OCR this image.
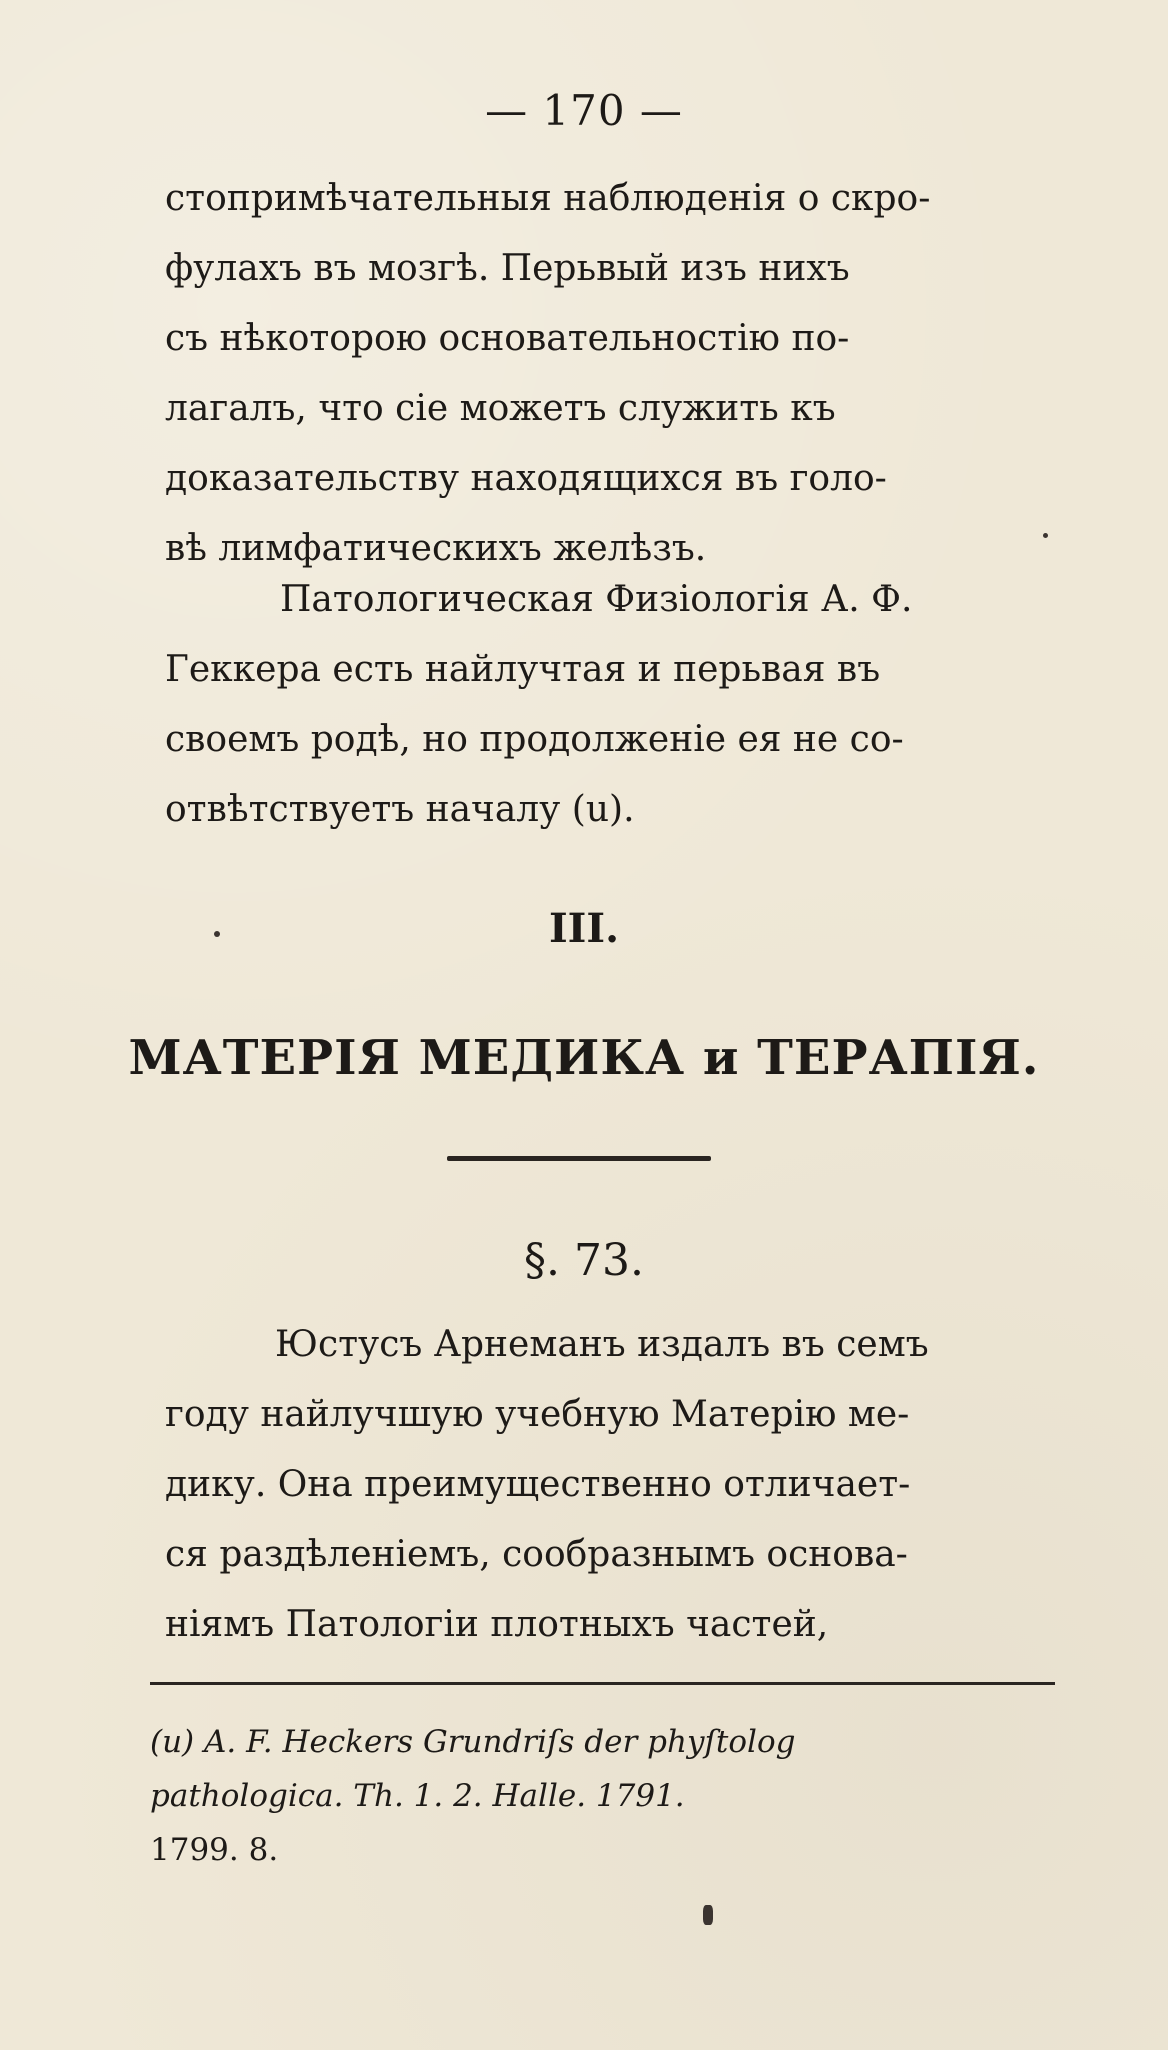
— 170 —
стопримѣчательныя наблюденія о скро-
фулахъ въ мозгѣ. Перьвый изъ нихъ
съ нѣкоторою основательностію по-
лагалъ, что сіе можетъ служить къ
доказательству находящихся въ голо-
вѣ лимфатическихъ желѣзъ.
Патологическая Физіологія А. Ф.
Геккера есть найлучтая и перьвая въ
своемъ родѣ, но продолженіе ея не со-
отвѣтствуетъ началу (u).
III.
МАТЕРІЯ МЕДИКА и ТЕРАПІЯ.
§. 73.
Юстусъ Арнеманъ издалъ въ семъ
году найлучшую учебную Матерію ме-
дику. Она преимущественно отличает-
ся раздѣленіемъ, сообразнымъ основа-
ніямъ Патологіи плотныхъ частей,
(u) A. F. Heckers Grundriſs der phyſtolog
pathologica. Th. 1. 2. Halle. 1791.
1799. 8.
